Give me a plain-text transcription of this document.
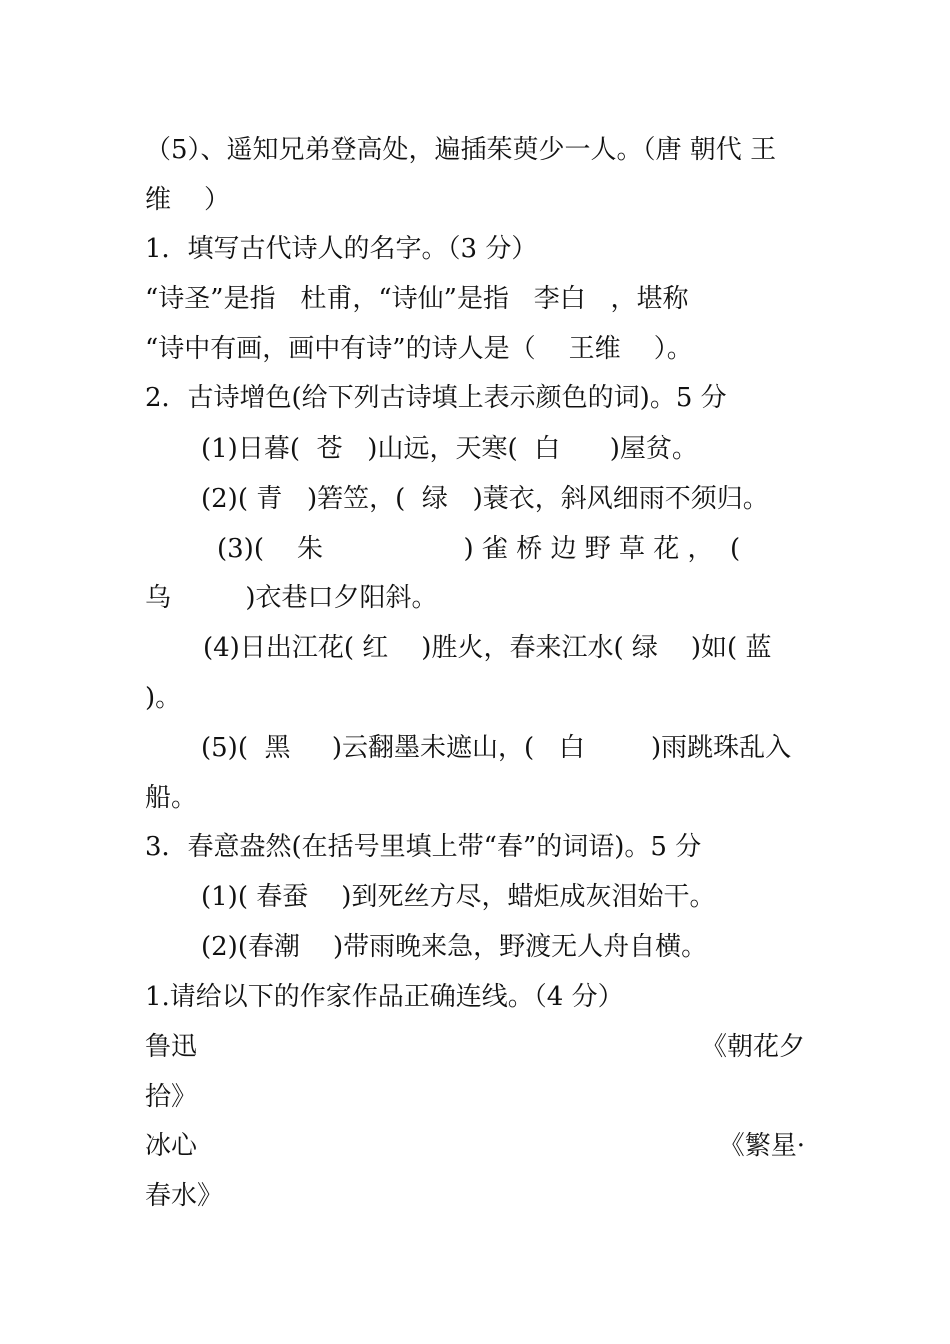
（5）、遥知兄弟登高处，遍插茱萸少一人。（唐 朝代 王
维    ）
1．填写古代诗人的名字。（3 分）
“诗圣”是指   杜甫，“诗仙”是指   李白   ，堪称
“诗中有画，画中有诗”的诗人是（    王维    ）。
2．古诗增色(给下列古诗填上表示颜色的词)。5 分
(1)日暮(  苍   )山远，天寒(  白      )屋贫。
(2)( 青   )箬笠，(  绿   )蓑衣，斜风细雨不须归。
(3)(    朱                 ) 雀 桥 边 野 草 花 ，  (
乌         )衣巷口夕阳斜。
(4)日出江花( 红    )胜火，春来江水( 绿    )如( 蓝
)。
(5)(  黑     )云翻墨未遮山，(   白        )雨跳珠乱入
船。
3．春意盎然(在括号里填上带“春”的词语)。5 分
(1)( 春蚕    )到死丝方尽，蜡炬成灰泪始干。
(2)(春潮    )带雨晚来急，野渡无人舟自横。
1.请给以下的作家作品正确连线。（4 分）
鲁迅	《朝花夕
拾》
冰心	《繁星·
春水》
